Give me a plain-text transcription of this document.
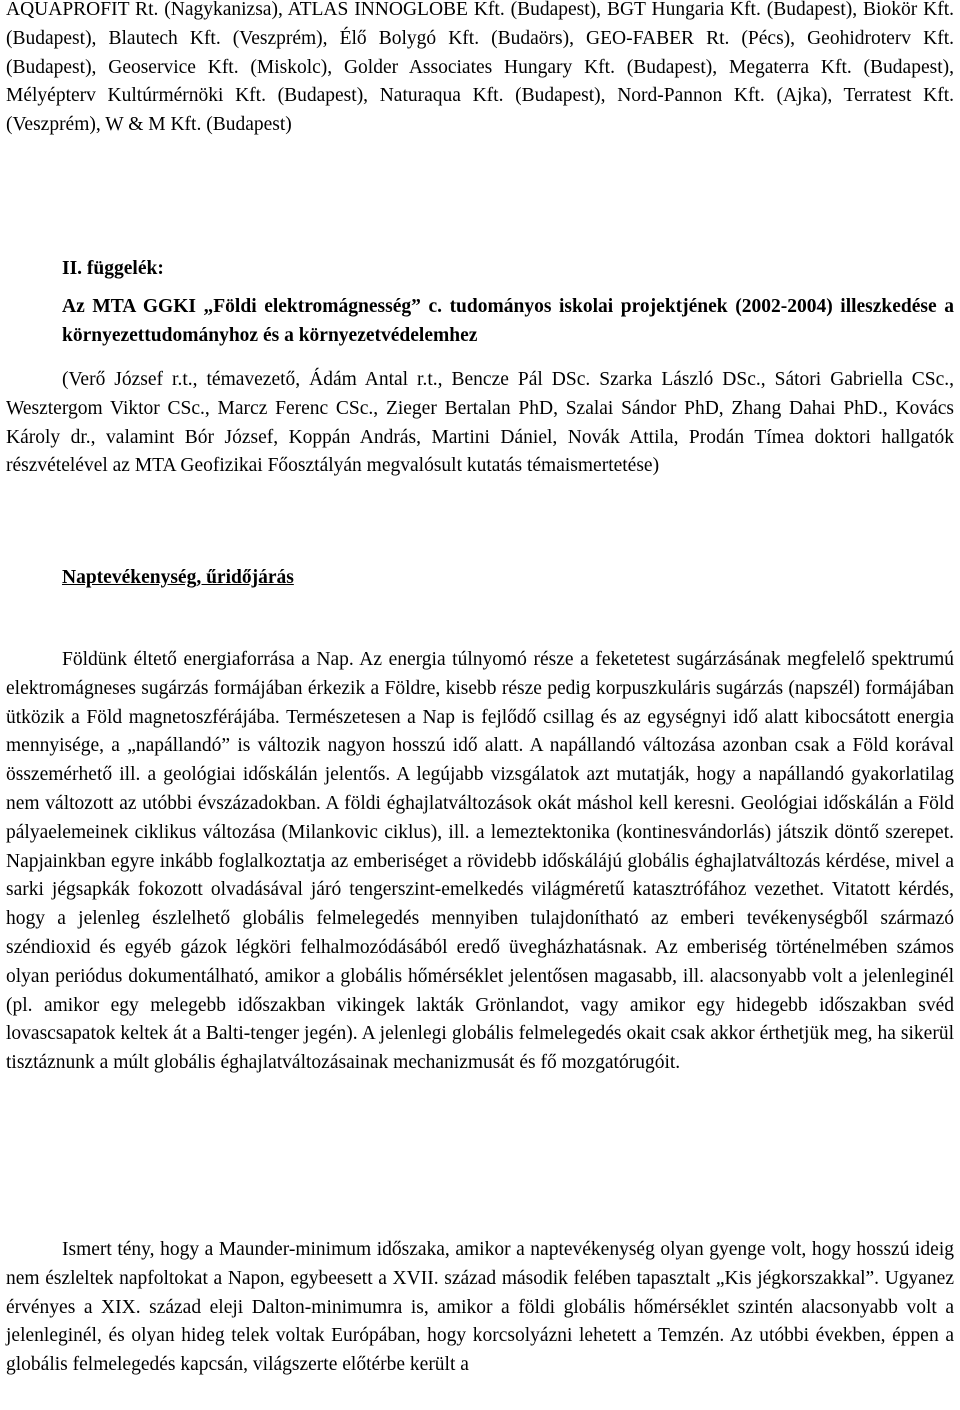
AQUAPROFIT Rt. (Nagykanizsa), ATLAS INNOGLOBE Kft. (Budapest), BGT Hungaria Kft. (Budapest), Biokör Kft. (Budapest), Blautech Kft. (Veszprém), Élő Bolygó Kft. (Budaörs), GEO-FABER Rt. (Pécs), Geohidroterv Kft. (Budapest), Geoservice Kft. (Miskolc), Golder Associates Hungary Kft. (Budapest), Megaterra Kft. (Budapest), Mélyépterv Kultúrmérnöki Kft. (Budapest), Naturaqua Kft. (Budapest), Nord-Pannon Kft. (Ajka), Terratest Kft. (Veszprém), W & M Kft. (Budapest)

II. függelék:

Az MTA GGKI „Földi elektromágnesség” c. tudományos iskolai projektjének (2002-2004) illeszkedése a környezettudományhoz és a környezetvédelemhez

(Verő József r.t., témavezető, Ádám Antal r.t., Bencze Pál DSc. Szarka László DSc., Sátori Gabriella CSc., Wesztergom Viktor CSc., Marcz Ferenc CSc., Zieger Bertalan PhD, Szalai Sándor PhD, Zhang Dahai PhD., Kovács Károly dr., valamint Bór József, Koppán András, Martini Dániel, Novák Attila, Prodán Tímea doktori hallgatók részvételével az MTA Geofizikai Főosztályán megvalósult kutatás témaismertetése)

Naptevékenység, űridőjárás

Földünk éltető energiaforrása a Nap. Az energia túlnyomó része a feketetest sugárzásának megfelelő spektrumú elektromágneses sugárzás formájában érkezik a Földre, kisebb része pedig korpuszkuláris sugárzás (napszél) formájában ütközik a Föld magnetoszférájába. Természetesen a Nap is fejlődő csillag és az egységnyi idő alatt kibocsátott energia mennyisége, a „napállandó” is változik nagyon hosszú idő alatt. A napállandó változása azonban csak a Föld korával összemérhető ill. a geológiai időskálán jelentős. A legújabb vizsgálatok azt mutatják, hogy a napállandó gyakorlatilag nem változott az utóbbi évszázadokban. A földi éghajlatváltozások okát máshol kell keresni. Geológiai időskálán a Föld pályaelemeinek ciklikus változása (Milankovic ciklus), ill. a lemeztektonika (kontinesvándorlás) játszik döntő szerepet. Napjainkban egyre inkább foglalkoztatja az emberiséget a rövidebb időskálájú globális éghajlatváltozás kérdése, mivel a sarki jégsapkák fokozott olvadásával járó tengerszint-emelkedés világméretű katasztrófához vezethet. Vitatott kérdés, hogy a jelenleg észlelhető globális felmelegedés mennyiben tulajdonítható az emberi tevékenységből származó széndioxid és egyéb gázok légköri felhalmozódásából eredő üvegházhatásnak. Az emberiség történelmében számos olyan periódus dokumentálható, amikor a globális hőmérséklet jelentősen magasabb, ill. alacsonyabb volt a jelenleginél (pl. amikor egy melegebb időszakban vikingek lakták Grönlandot, vagy amikor egy hidegebb időszakban svéd lovascsapatok keltek át a Balti-tenger jegén). A jelenlegi globális felmelegedés okait csak akkor érthetjük meg, ha sikerül tisztáznunk a múlt globális éghajlatváltozásainak mechanizmusát és fő mozgatórugóit.

Ismert tény, hogy a Maunder-minimum időszaka, amikor a naptevékenység olyan gyenge volt, hogy hosszú ideig nem észleltek napfoltokat a Napon, egybeesett a XVII. század második felében tapasztalt „Kis jégkorszakkal”. Ugyanez érvényes a XIX. század eleji Dalton-minimumra is, amikor a földi globális hőmérséklet szintén alacsonyabb volt a jelenleginél, és olyan hideg telek voltak Európában, hogy korcsolyázni lehetett a Temzén. Az utóbbi években, éppen a globális felmelegedés kapcsán, világszerte előtérbe került a
